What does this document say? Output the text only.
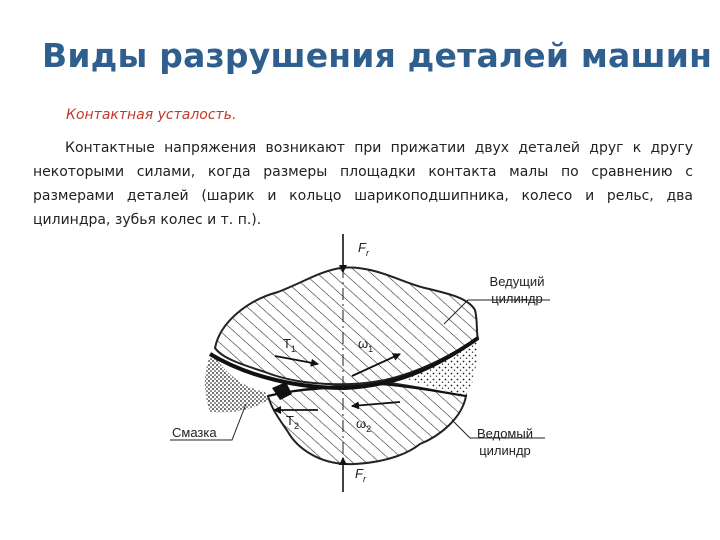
Виды разрушения деталей машин
Контактная усталость.
Контактные напряжения возникают при прижатии двух деталей друг к другу некоторыми силами, когда размеры площадки контакта малы по сравнению с размерами деталей (шарик и кольцо шарикоподшипника, колесо и рельс, два цилиндра, зубья колес и т. п.).
$F_r$
$F_r$
Ведущий
цилиндр
Ведомый
цилиндр
Смазка
$T_1$	$\omega_1$
$T_2$	$\omega_2$
